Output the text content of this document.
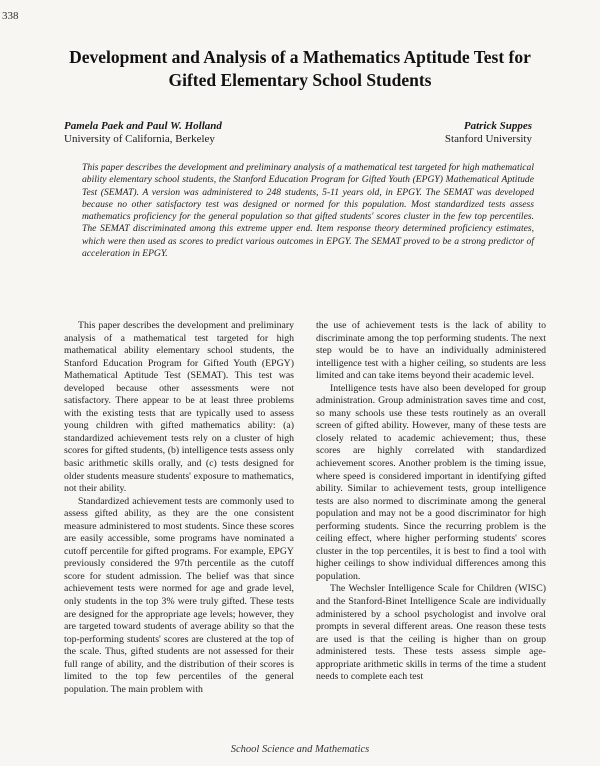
338
Development and Analysis of a Mathematics Aptitude Test for
Gifted Elementary School Students
Pamela Paek and Paul W. Holland
University of California, Berkeley
Patrick Suppes
Stanford University
This paper describes the development and preliminary analysis of a mathematical test targeted for high mathematical ability elementary school students, the Stanford Education Program for Gifted Youth (EPGY) Mathematical Aptitude Test (SEMAT). A version was administered to 248 students, 5-11 years old, in EPGY. The SEMAT was developed because no other satisfactory test was designed or normed for this population. Most standardized tests assess mathematics proficiency for the general population so that gifted students' scores cluster in the few top percentiles. The SEMAT discriminated among this extreme upper end. Item response theory determined proficiency estimates, which were then used as scores to predict various outcomes in EPGY. The SEMAT proved to be a strong predictor of acceleration in EPGY.

This paper describes the development and preliminary analysis of a mathematical test targeted for high mathematical ability elementary school students, the Stanford Education Program for Gifted Youth (EPGY) Mathematical Aptitude Test (SEMAT). This test was developed because other assessments were not satisfactory. There appear to be at least three problems with the existing tests that are typically used to assess young children with gifted mathematics ability: (a) standardized achievement tests rely on a cluster of high scores for gifted students, (b) intelligence tests assess only basic arithmetic skills orally, and (c) tests designed for older students measure students' exposure to mathematics, not their ability.

Standardized achievement tests are commonly used to assess gifted ability, as they are the one consistent measure administered to most students. Since these scores are easily accessible, some programs have nominated a cutoff percentile for gifted programs. For example, EPGY previously considered the 97th percentile as the cutoff score for student admission. The belief was that since achievement tests were normed for age and grade level, only students in the top 3% were truly gifted. These tests are designed for the appropriate age levels; however, they are targeted toward students of average ability so that the top-performing students' scores are clustered at the top of the scale. Thus, gifted students are not assessed for their full range of ability, and the distribution of their scores is limited to the top few percentiles of the general population. The main problem with

the use of achievement tests is the lack of ability to discriminate among the top performing students. The next step would be to have an individually administered intelligence test with a higher ceiling, so students are less limited and can take items beyond their academic level.

Intelligence tests have also been developed for group administration. Group administration saves time and cost, so many schools use these tests routinely as an overall screen of gifted ability. However, many of these tests are closely related to academic achievement; thus, these scores are highly correlated with standardized achievement scores. Another problem is the timing issue, where speed is considered important in identifying gifted ability. Similar to achievement tests, group intelligence tests are also normed to discriminate among the general population and may not be a good discriminator for high performing students. Since the recurring problem is the ceiling effect, where higher performing students' scores cluster in the top percentiles, it is best to find a tool with higher ceilings to show individual differences among this population.

The Wechsler Intelligence Scale for Children (WISC) and the Stanford-Binet Intelligence Scale are individually administered by a school psychologist and involve oral prompts in several different areas. One reason these tests are used is that the ceiling is higher than on group administered tests. These tests assess simple age-appropriate arithmetic skills in terms of the time a student needs to complete each test

School Science and Mathematics
